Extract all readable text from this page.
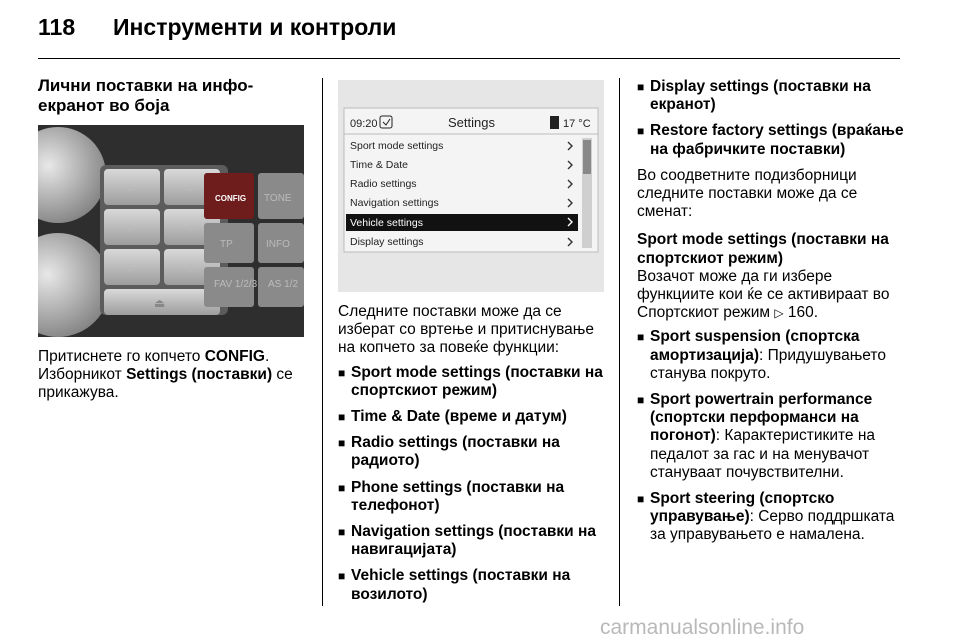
118 Инструменти и контроли
Лични поставки на инфо-екранот во боја
1	2
3	4
5	6
⏏
CONFIG TONE
TP	INFO
FAV 1/2/3 AS 1/2

Притиснете го копчето CONFIG. Изборникот Settings (поставки) се прикажува.

09:20	Settings	17 °C
Sport mode settings
Time & Date
Radio settings
Navigation settings
Vehicle settings
Display settings

Следните поставки може да се изберат со вртење и притиснување на копчето за повеќе функции:

■ Sport mode settings (поставки на спортскиот режим)
■ Time & Date (време и датум)
■ Radio settings (поставки на радиото)
■ Phone settings (поставки на телефонот)
■ Navigation settings (поставки на навигацијата)
■ Vehicle settings (поставки на возилото)
■ Display settings (поставки на екранот)
■ Restore factory settings (враќање на фабричките поставки)

Во соодветните подизборници следните поставки може да се сменат:

Sport mode settings (поставки на спортскиот режим)

Возачот може да ги избере функциите кои ќе се активираат во Спортскиот режим ▷ 160.

■ Sport suspension (спортска амортизација): Придушувањето станува покруто.
■ Sport powertrain performance (спортски перформанси на погонот): Карактеристиките на педалот за гас и на менувачот стануваат почувствителни.
■ Sport steering (спортско управување): Серво поддршката за управувањето е намалена.
carmanualsonline.info
